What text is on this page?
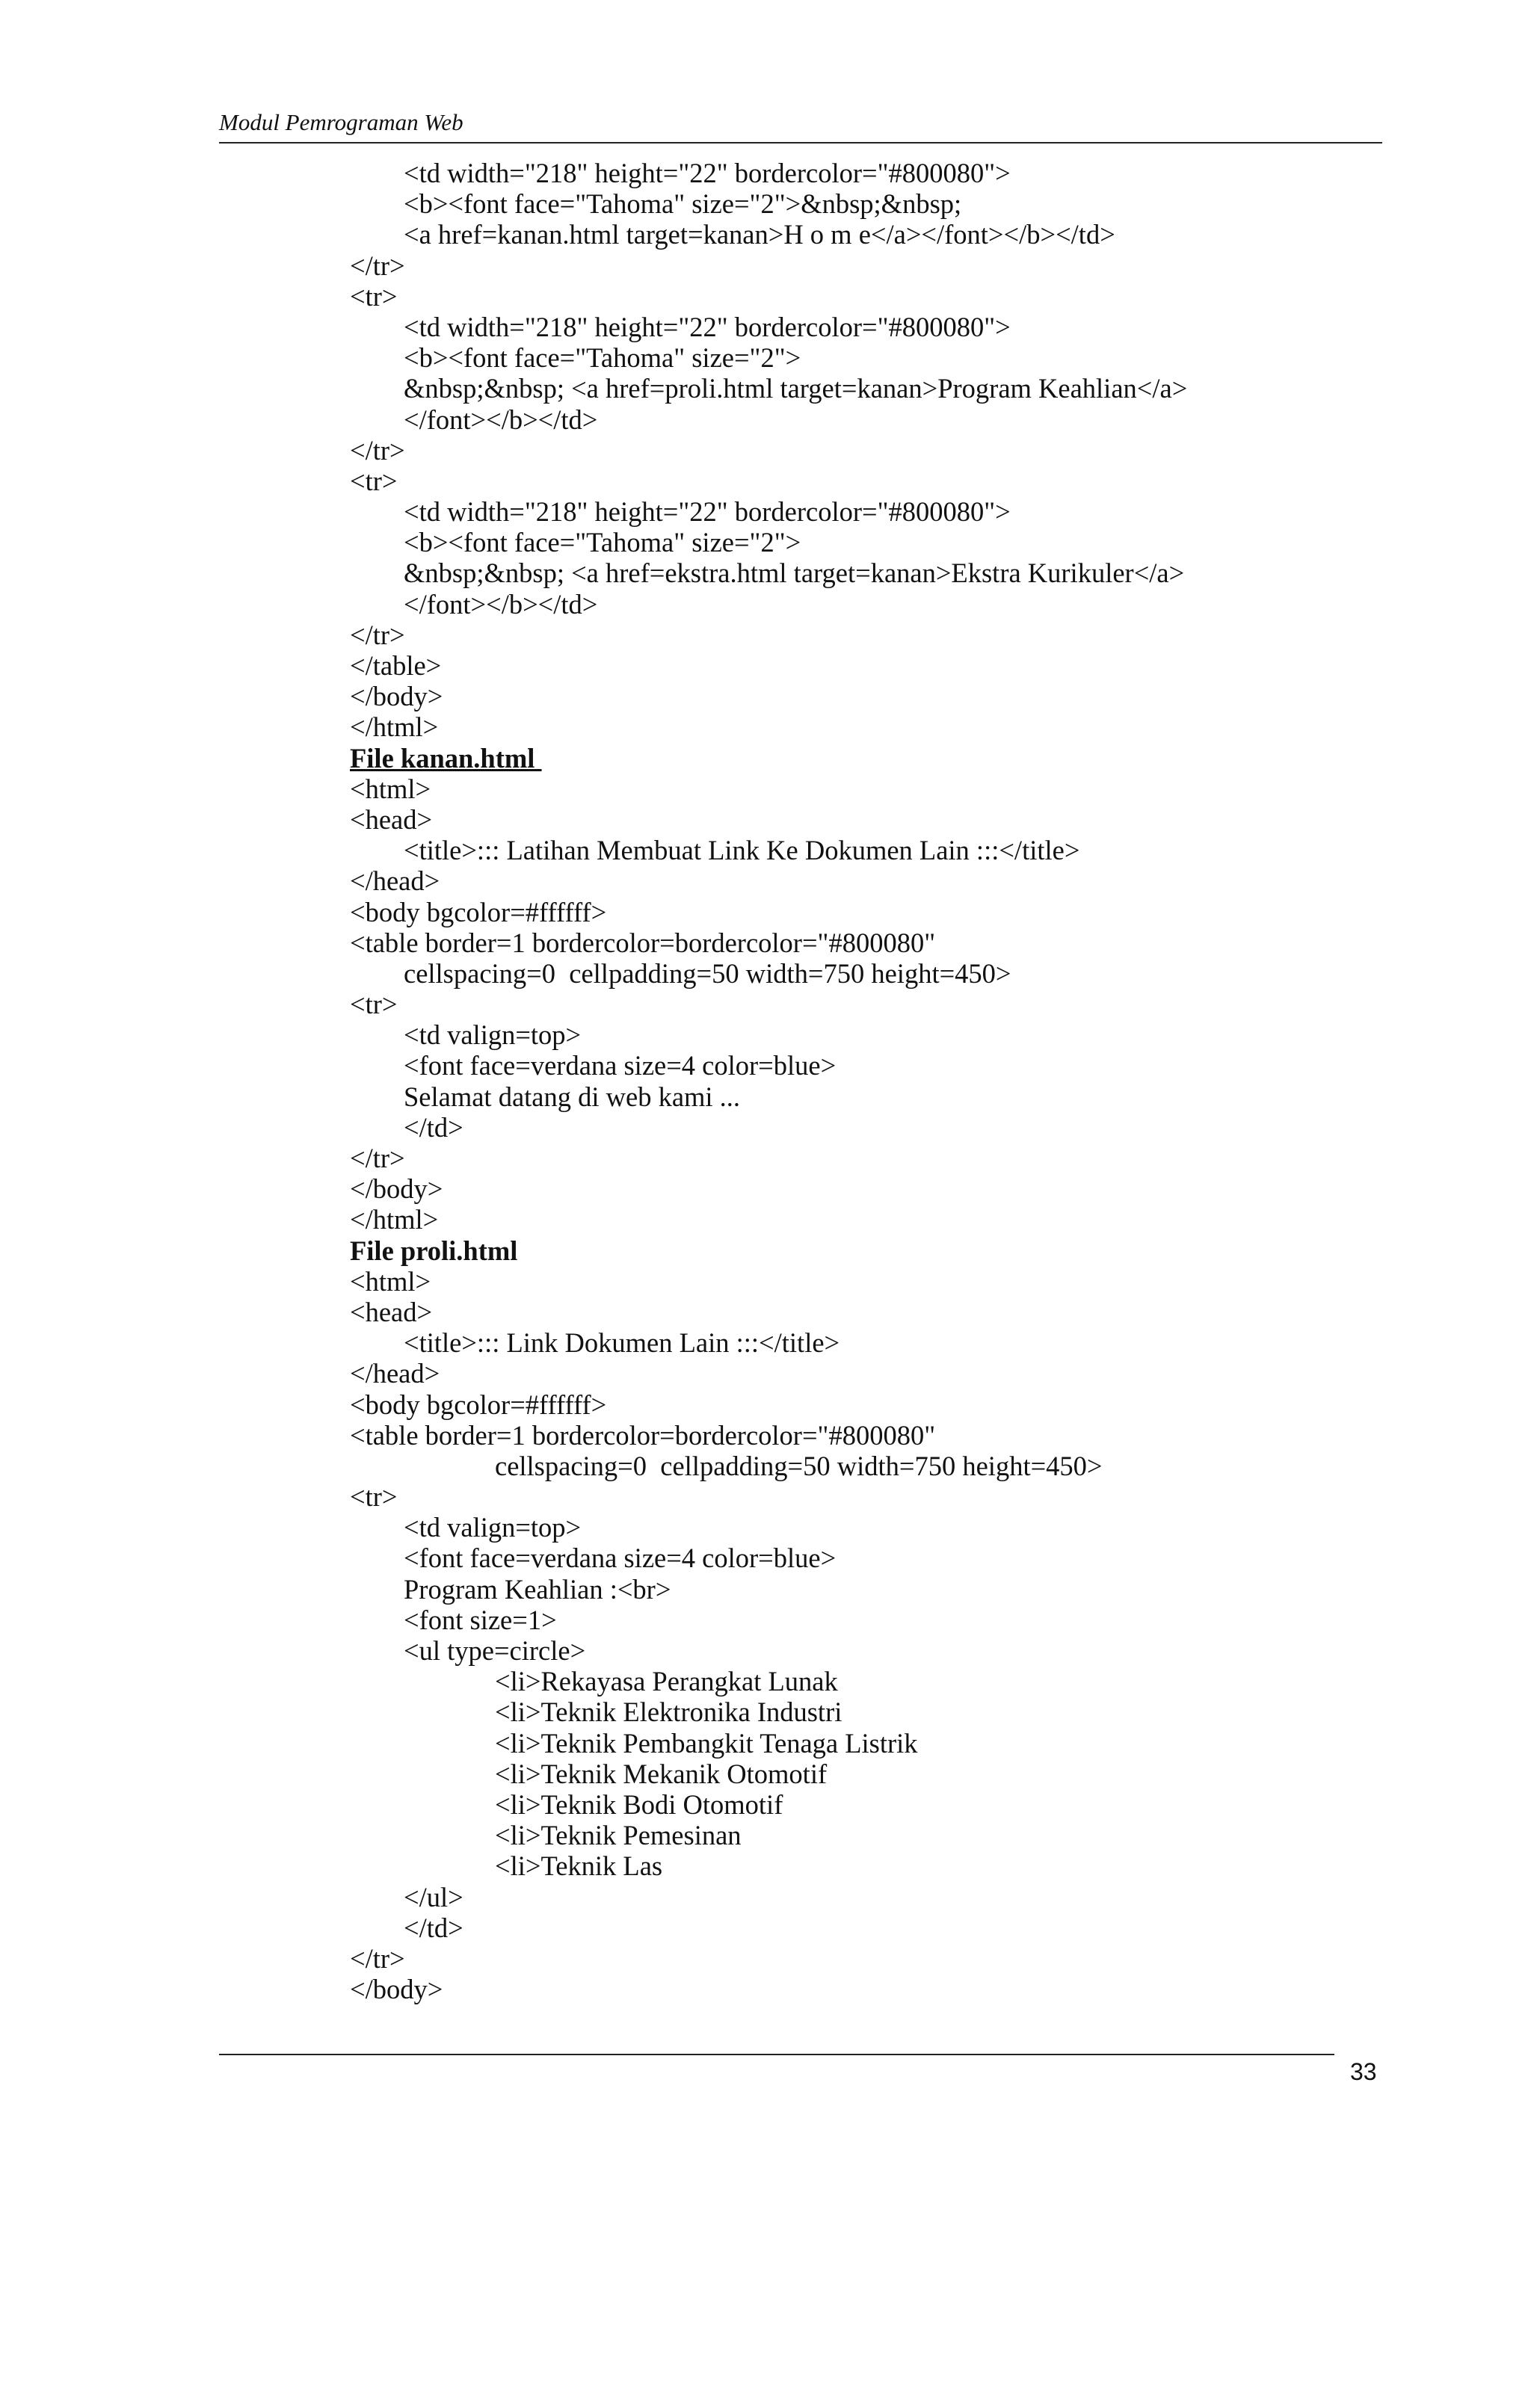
Modul Pemrograman Web

<td width="218" height="22" bordercolor="#800080">
<b><font face="Tahoma" size="2">&nbsp;&nbsp;
<a href=kanan.html target=kanan>H o m e</a></font></b></td>
</tr>
<tr>
<td width="218" height="22" bordercolor="#800080">
<b><font face="Tahoma" size="2">
&nbsp;&nbsp; <a href=proli.html target=kanan>Program Keahlian</a>
</font></b></td>
</tr>
<tr>
<td width="218" height="22" bordercolor="#800080">
<b><font face="Tahoma" size="2">
&nbsp;&nbsp; <a href=ekstra.html target=kanan>Ekstra Kurikuler</a>
</font></b></td>
</tr>
</table>
</body>
</html>
File kanan.html
<html>
<head>
<title>::: Latihan Membuat Link Ke Dokumen Lain :::</title>
</head>
<body bgcolor=#ffffff>
<table border=1 bordercolor=bordercolor="#800080"
cellspacing=0  cellpadding=50 width=750 height=450>
<tr>
<td valign=top>
<font face=verdana size=4 color=blue>
Selamat datang di web kami ...
</td>
</tr>
</body>
</html>
File proli.html
<html>
<head>
<title>::: Link Dokumen Lain :::</title>
</head>
<body bgcolor=#ffffff>
<table border=1 bordercolor=bordercolor="#800080"
cellspacing=0  cellpadding=50 width=750 height=450>
<tr>
<td valign=top>
<font face=verdana size=4 color=blue>
Program Keahlian :<br>
<font size=1>
<ul type=circle>
<li>Rekayasa Perangkat Lunak
<li>Teknik Elektronika Industri
<li>Teknik Pembangkit Tenaga Listrik
<li>Teknik Mekanik Otomotif
<li>Teknik Bodi Otomotif
<li>Teknik Pemesinan
<li>Teknik Las
</ul>
</td>
</tr>
</body>

33
